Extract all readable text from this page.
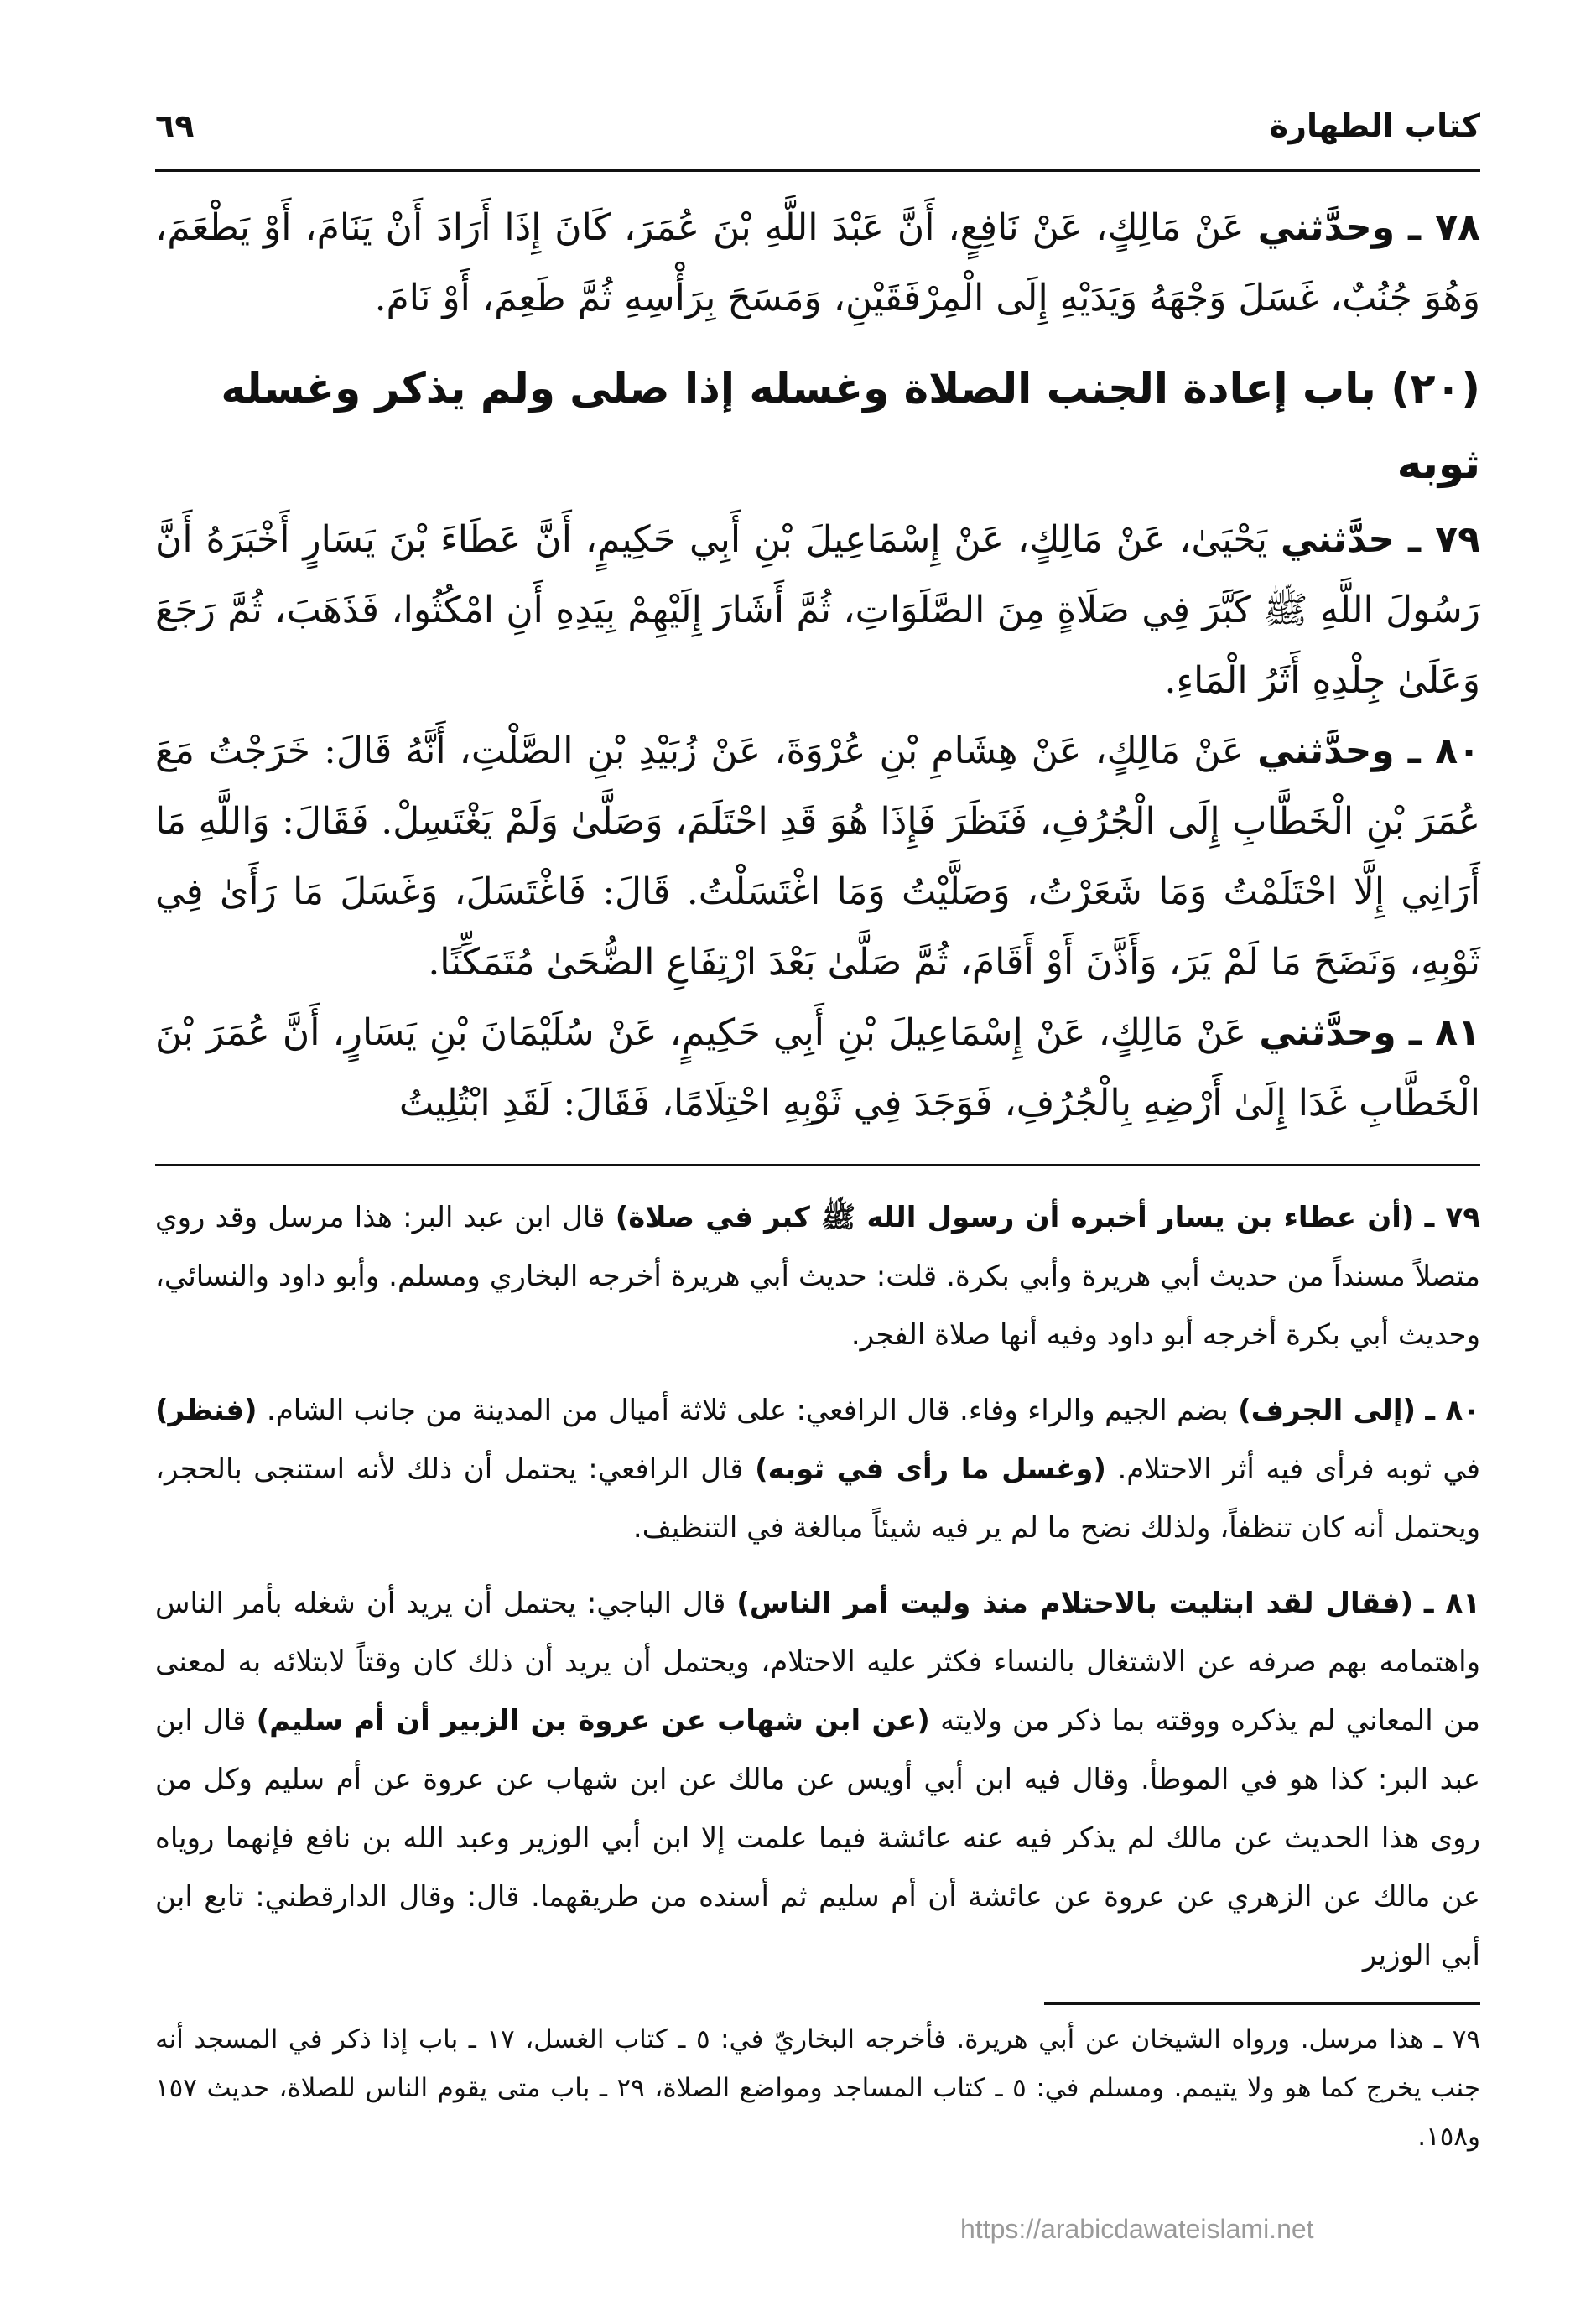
كتاب الطهارة
٦٩

٧٨ ـ وحدَّثني عَنْ مَالِكٍ، عَنْ نَافِعٍ، أَنَّ عَبْدَ اللَّهِ بْنَ عُمَرَ، كَانَ إِذَا أَرَادَ أَنْ يَنَامَ، أَوْ يَطْعَمَ، وَهُوَ جُنُبٌ، غَسَلَ وَجْهَهُ وَيَدَيْهِ إِلَى الْمِرْفَقَيْنِ، وَمَسَحَ بِرَأْسِهِ ثُمَّ طَعِمَ، أَوْ نَامَ.

(٢٠) باب إعادة الجنب الصلاة وغسله إذا صلى ولم يذكر وغسله ثوبه

٧٩ ـ حدَّثني يَحْيَىٰ، عَنْ مَالِكٍ، عَنْ إِسْمَاعِيلَ بْنِ أَبِي حَكِيمٍ، أَنَّ عَطَاءَ بْنَ يَسَارٍ أَخْبَرَهُ أَنَّ رَسُولَ اللَّهِ ﷺ كَبَّرَ فِي صَلَاةٍ مِنَ الصَّلَوَاتِ، ثُمَّ أَشَارَ إِلَيْهِمْ بِيَدِهِ أَنِ امْكُثُوا، فَذَهَبَ، ثُمَّ رَجَعَ وَعَلَىٰ جِلْدِهِ أَثَرُ الْمَاءِ.

٨٠ ـ وحدَّثني عَنْ مَالِكٍ، عَنْ هِشَامِ بْنِ عُرْوَةَ، عَنْ زُبَيْدِ بْنِ الصَّلْتِ، أَنَّهُ قَالَ: خَرَجْتُ مَعَ عُمَرَ بْنِ الْخَطَّابِ إِلَى الْجُرُفِ، فَنَظَرَ فَإِذَا هُوَ قَدِ احْتَلَمَ، وَصَلَّىٰ وَلَمْ يَغْتَسِلْ. فَقَالَ: وَاللَّهِ مَا أَرَانِي إِلَّا احْتَلَمْتُ وَمَا شَعَرْتُ، وَصَلَّيْتُ وَمَا اغْتَسَلْتُ. قَالَ: فَاغْتَسَلَ، وَغَسَلَ مَا رَأَىٰ فِي ثَوْبِهِ، وَنَضَحَ مَا لَمْ يَرَ، وَأَذَّنَ أَوْ أَقَامَ، ثُمَّ صَلَّىٰ بَعْدَ ارْتِفَاعِ الضُّحَىٰ مُتَمَكِّنًا.

٨١ ـ وحدَّثني عَنْ مَالِكٍ، عَنْ إِسْمَاعِيلَ بْنِ أَبِي حَكِيمٍ، عَنْ سُلَيْمَانَ بْنِ يَسَارٍ، أَنَّ عُمَرَ بْنَ الْخَطَّابِ غَدَا إِلَىٰ أَرْضِهِ بِالْجُرُفِ، فَوَجَدَ فِي ثَوْبِهِ احْتِلَامًا، فَقَالَ: لَقَدِ ابْتُلِيتُ

٧٩ ـ (أن عطاء بن يسار أخبره أن رسول الله ﷺ كبر في صلاة) قال ابن عبد البر: هذا مرسل وقد روي متصلاً مسنداً من حديث أبي هريرة وأبي بكرة. قلت: حديث أبي هريرة أخرجه البخاري ومسلم. وأبو داود والنسائي، وحديث أبي بكرة أخرجه أبو داود وفيه أنها صلاة الفجر.

٨٠ ـ (إلى الجرف) بضم الجيم والراء وفاء. قال الرافعي: على ثلاثة أميال من المدينة من جانب الشام. (فنظر) في ثوبه فرأى فيه أثر الاحتلام. (وغسل ما رأى في ثوبه) قال الرافعي: يحتمل أن ذلك لأنه استنجى بالحجر، ويحتمل أنه كان تنظفاً، ولذلك نضح ما لم ير فيه شيئاً مبالغة في التنظيف.

٨١ ـ (فقال لقد ابتليت بالاحتلام منذ وليت أمر الناس) قال الباجي: يحتمل أن يريد أن شغله بأمر الناس واهتمامه بهم صرفه عن الاشتغال بالنساء فكثر عليه الاحتلام، ويحتمل أن يريد أن ذلك كان وقتاً لابتلائه به لمعنى من المعاني لم يذكره ووقته بما ذكر من ولايته (عن ابن شهاب عن عروة بن الزبير أن أم سليم) قال ابن عبد البر: كذا هو في الموطأ. وقال فيه ابن أبي أويس عن مالك عن ابن شهاب عن عروة عن أم سليم وكل من روى هذا الحديث عن مالك لم يذكر فيه عنه عائشة فيما علمت إلا ابن أبي الوزير وعبد الله بن نافع فإنهما روياه عن مالك عن الزهري عن عروة عن عائشة أن أم سليم ثم أسنده من طريقهما. قال: وقال الدارقطني: تابع ابن أبي الوزير

٧٩ ـ هذا مرسل. ورواه الشيخان عن أبي هريرة. فأخرجه البخاريّ في: ٥ ـ كتاب الغسل، ١٧ ـ باب إذا ذكر في المسجد أنه جنب يخرج كما هو ولا يتيمم. ومسلم في: ٥ ـ كتاب المساجد ومواضع الصلاة، ٢٩ ـ باب متى يقوم الناس للصلاة، حديث ١٥٧ و١٥٨.

https://arabicdawateislami.net
